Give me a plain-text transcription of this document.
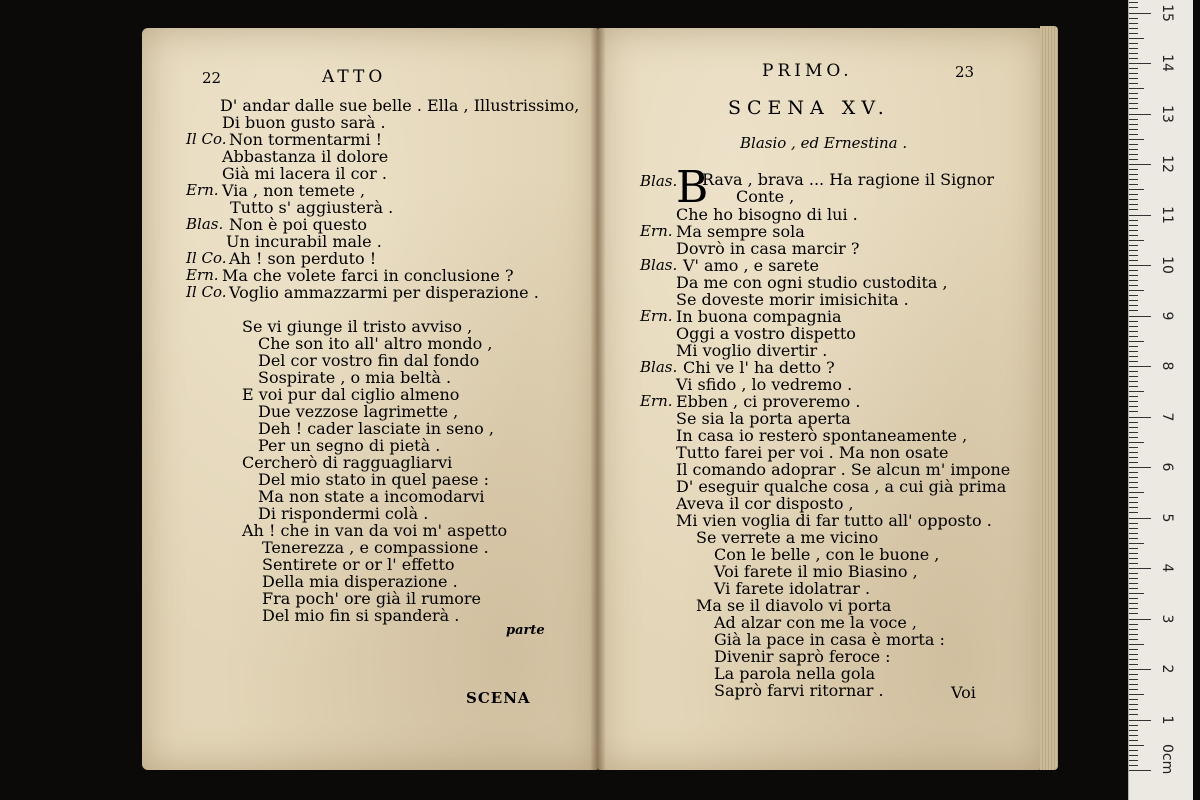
22	ATTO
D' andar dalle sue belle . Ella , Illustrissimo,
Di buon gusto sarà .
Il Co. Non tormentarmi !
Abbastanza il dolore
Già mi lacera il cor .
Ern. Via , non temete ,
Tutto s' aggiusterà .
Blas. Non è poi questo
Un incurabil male .
Il Co. Ah ! son perduto !
Ern. Ma che volete farci in conclusione ?
Il Co. Voglio ammazzarmi per disperazione .
Se vi giunge il tristo avviso ,
Che son ito all' altro mondo ,
Del cor vostro fin dal fondo
Sospirate , o mia beltà .
E voi pur dal ciglio almeno
Due vezzose lagrimette ,
Deh ! cader lasciate in seno ,
Per un segno di pietà .
Cercherò di ragguagliarvi
Del mio stato in quel paese :
Ma non state a incomodarvi
Di rispondermi colà .
Ah ! che in van da voi m' aspetto
Tenerezza , e compassione .
Sentirete or or l' effetto
Della mia disperazione .
Fra poch' ore già il rumore
Del mio fin si spanderà .
parte
SCENA
PRIMO.	23
SCENA XV.
Blasio , ed Ernestina .
Blas.
B
Rava , brava ... Ha ragione il Signor
Conte ,
Che ho bisogno di lui .
Ern. Ma sempre sola
Dovrò in casa marcir ?
Blas. V' amo , e sarete
Da me con ogni studio custodita ,
Se doveste morir imisichita .
Ern. In buona compagnia
Oggi a vostro dispetto
Mi voglio divertir .
Blas. Chi ve l' ha detto ?
Vi sfido , lo vedremo .
Ern. Ebben , ci proveremo .
Se sia la porta aperta
In casa io resterò spontaneamente ,
Tutto farei per voi . Ma non osate
Il comando adoprar . Se alcun m' impone
D' eseguir qualche cosa , a cui già prima
Aveva il cor disposto ,
Mi vien voglia di far tutto all' opposto .
Se verrete a me vicino
Con le belle , con le buone ,
Voi farete il mio Biasino ,
Vi farete idolatrar .
Ma se il diavolo vi porta
Ad alzar con me la voce ,
Già la pace in casa è morta :
Divenir saprò feroce :
La parola nella gola
Saprò farvi ritornar .	Voi
0cm
1
2
3
4
5
6
7
8
9
10
11
12
13
14
15
